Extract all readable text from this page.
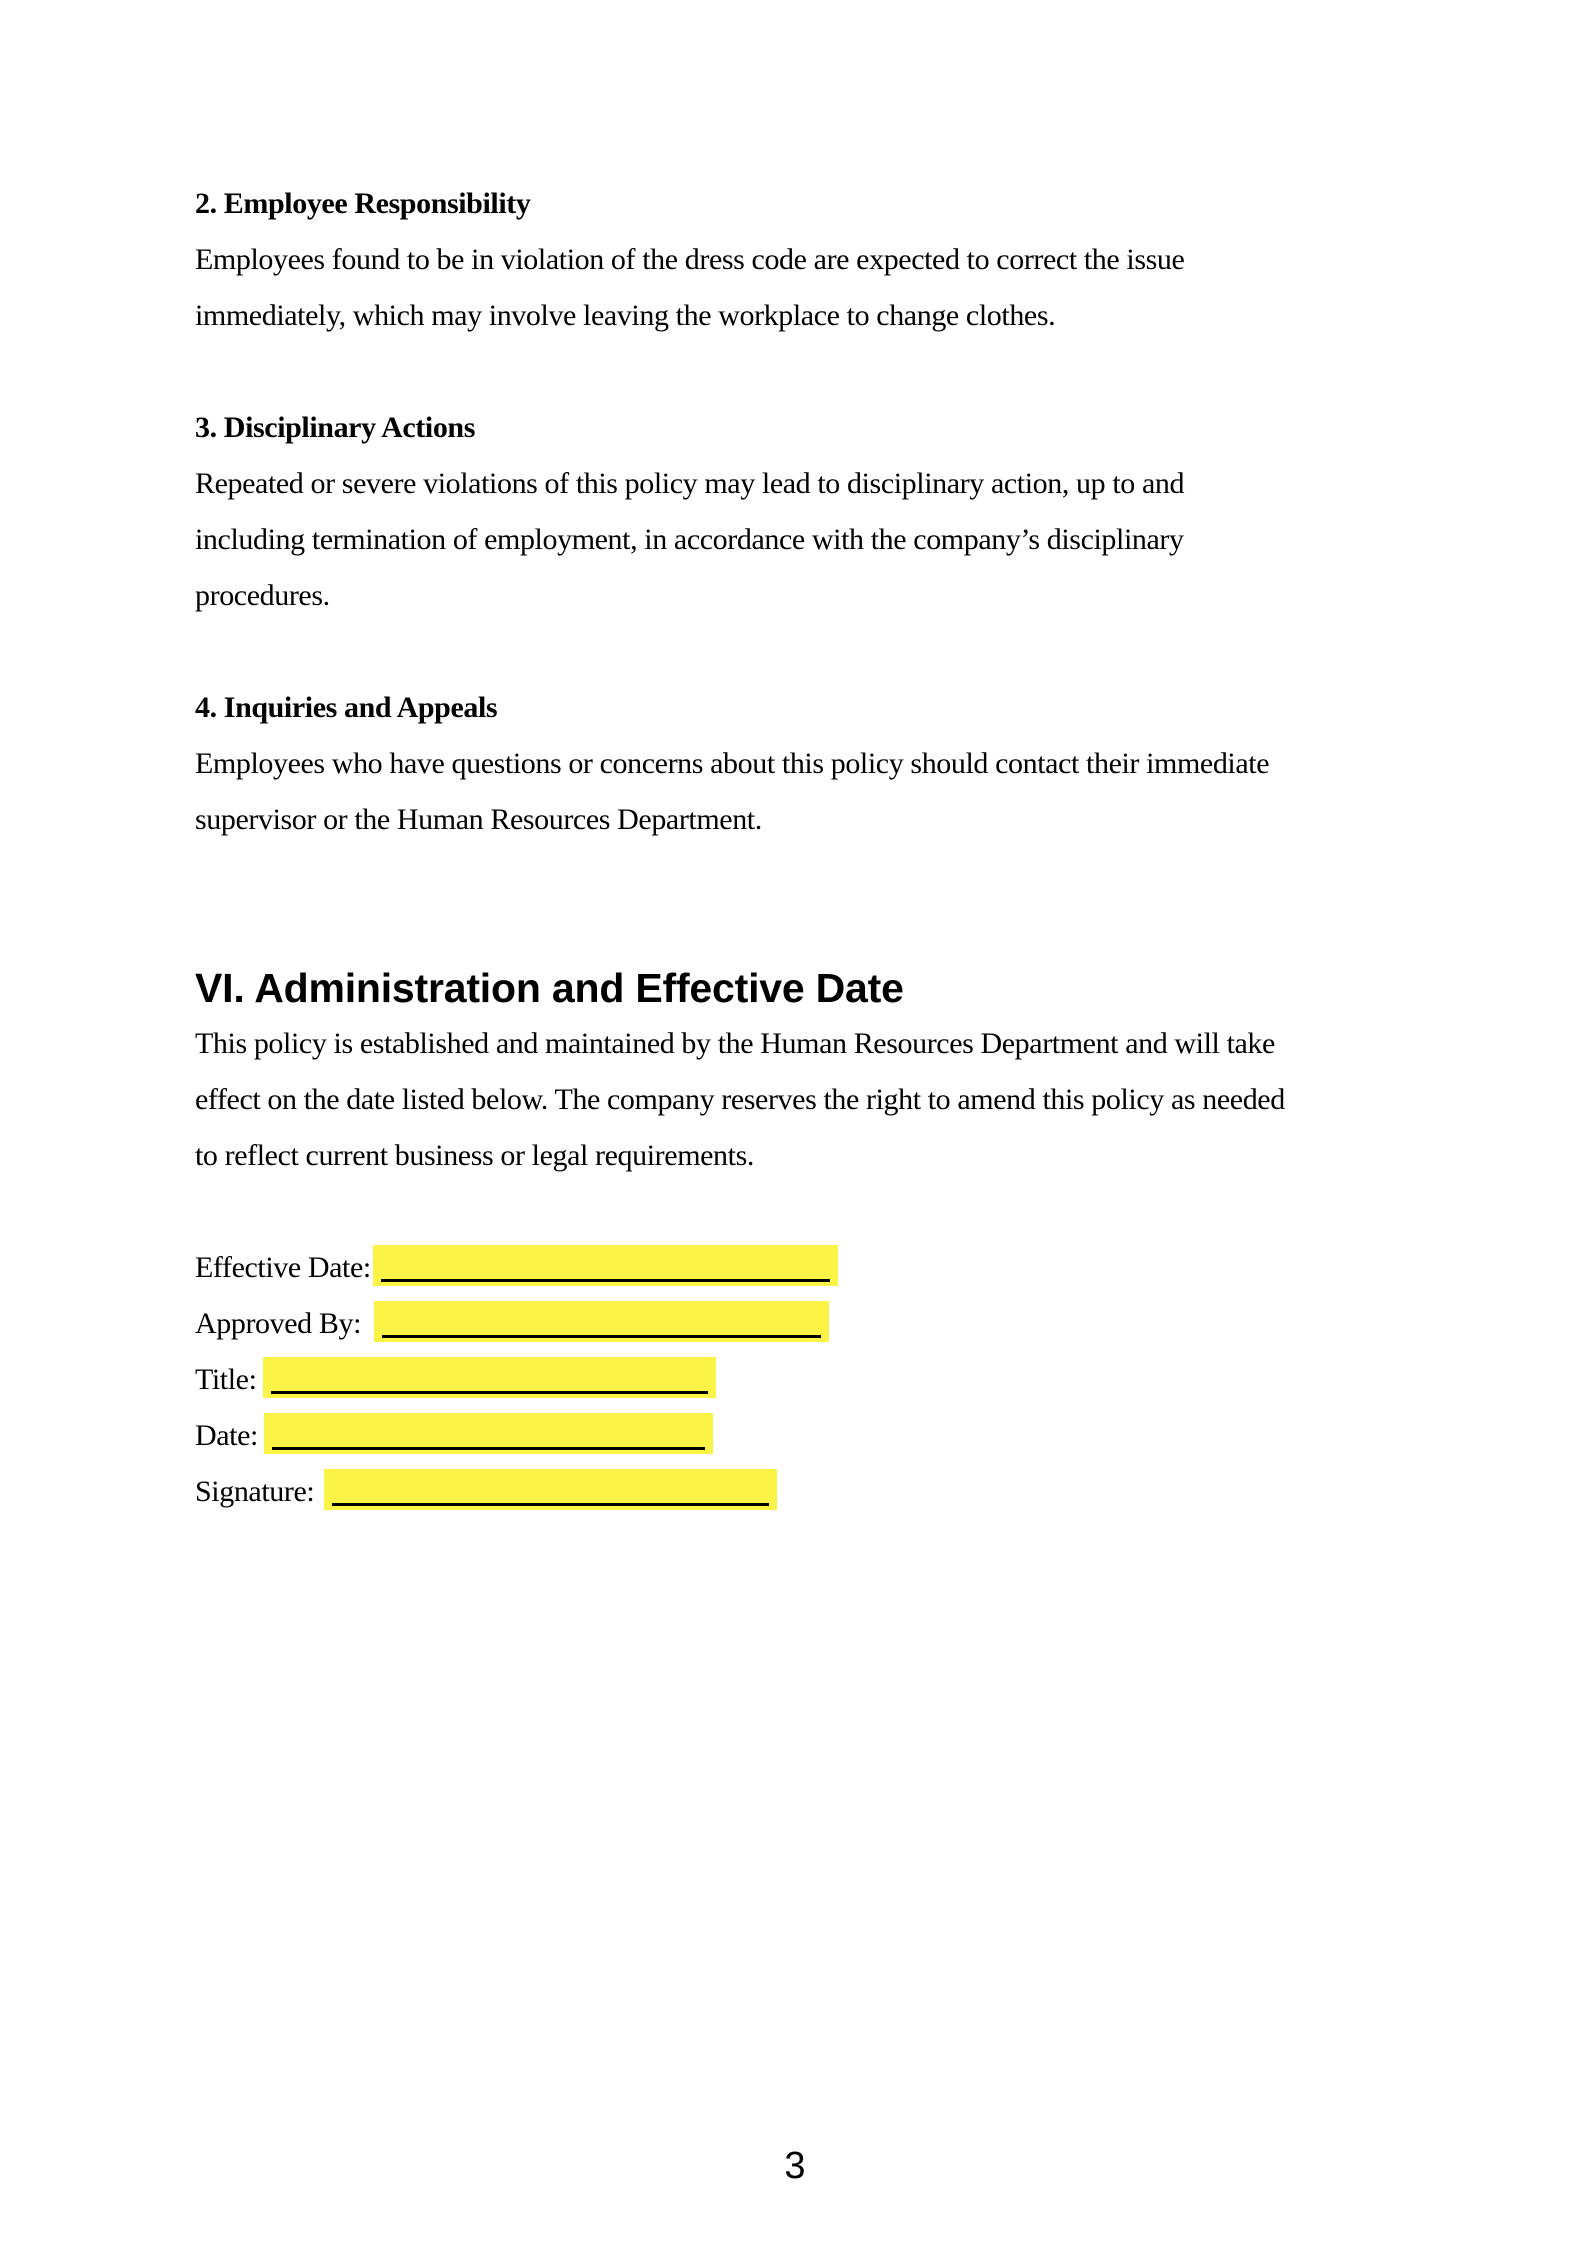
2. Employee Responsibility
Employees found to be in violation of the dress code are expected to correct the issue
immediately, which may involve leaving the workplace to change clothes.
3. Disciplinary Actions
Repeated or severe violations of this policy may lead to disciplinary action, up to and
including termination of employment, in accordance with the company’s disciplinary
procedures.
4. Inquiries and Appeals
Employees who have questions or concerns about this policy should contact their immediate
supervisor or the Human Resources Department.
VI. Administration and Effective Date
This policy is established and maintained by the Human Resources Department and will take
effect on the date listed below. The company reserves the right to amend this policy as needed
to reflect current business or legal requirements.
Effective Date:
Approved By:
Title:
Date:
Signature:
3
